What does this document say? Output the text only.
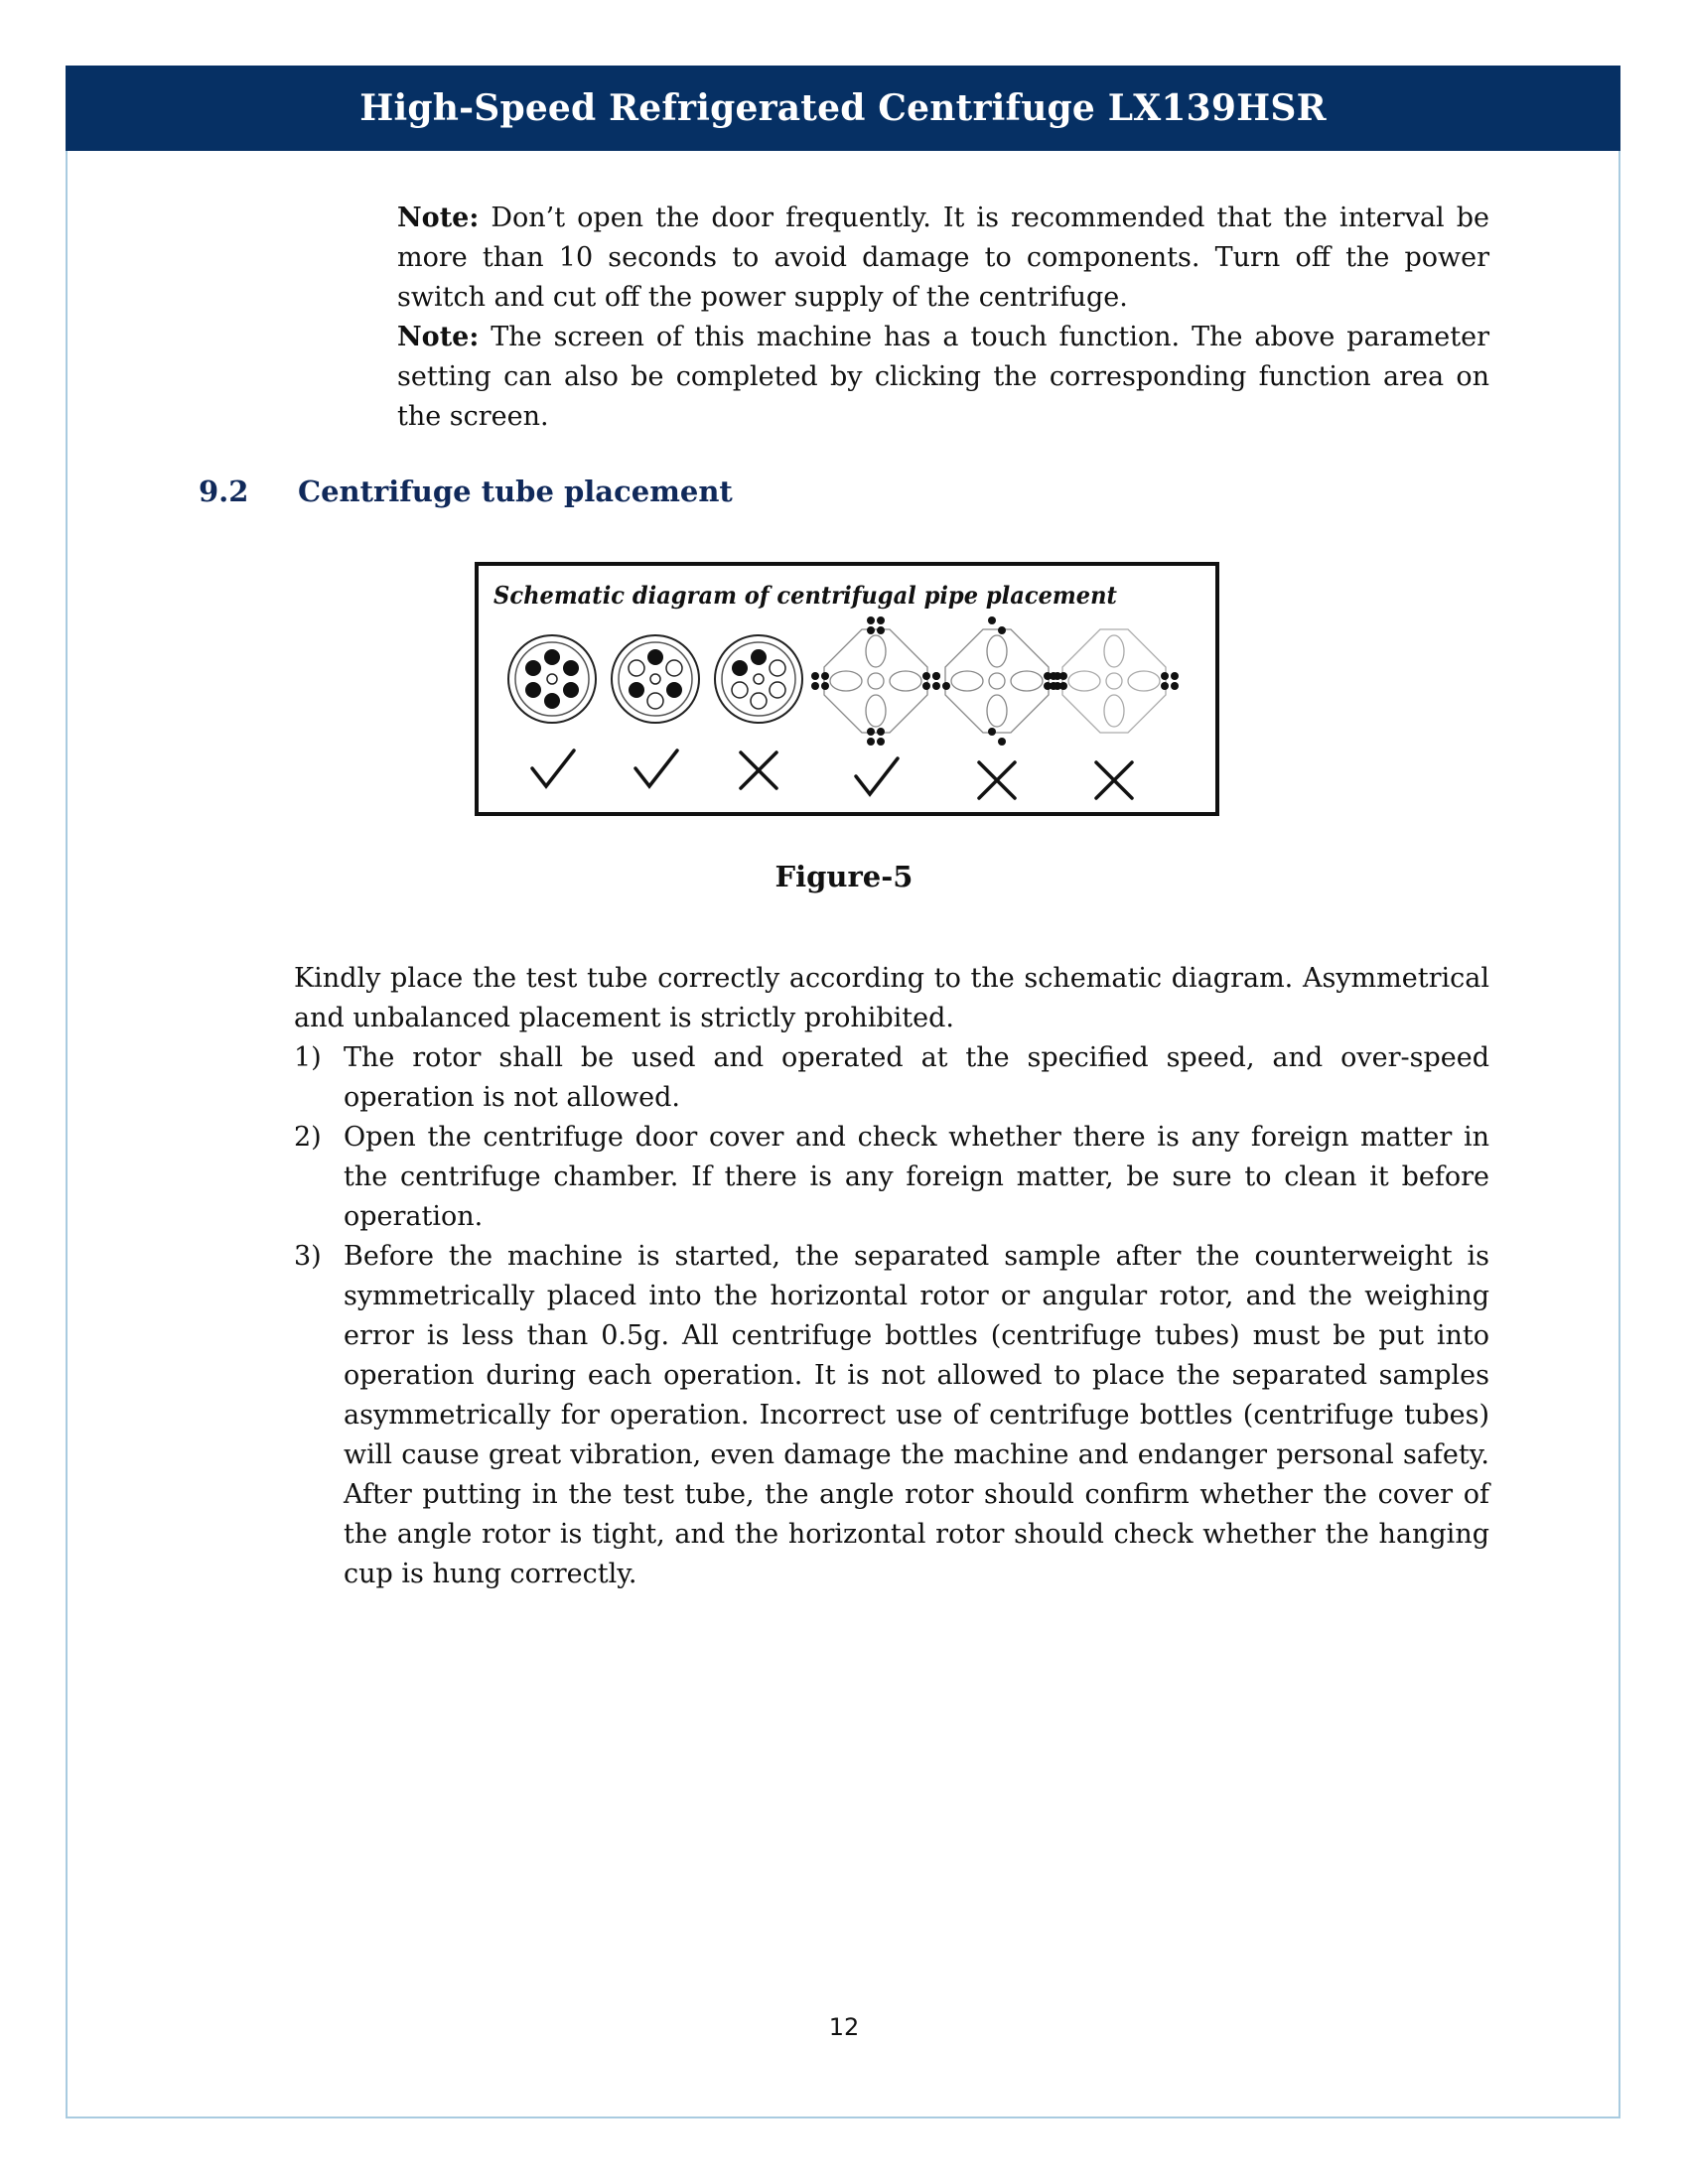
High-Speed Refrigerated Centrifuge LX139HSR

Note: Don’t open the door frequently. It is recommended that the interval be more than 10 seconds to avoid damage to components. Turn off the power switch and cut off the power supply of the centrifuge.

Note: The screen of this machine has a touch function. The above parameter setting can also be completed by clicking the corresponding function area on the screen.

9.2	Centrifuge tube placement
Schematic diagram of centrifugal pipe placement
Figure-5

Kindly place the test tube correctly according to the schematic diagram. Asymmetrical and unbalanced placement is strictly prohibited.

1) The rotor shall be used and operated at the specified speed, and over-speed operation is not allowed.
2) Open the centrifuge door cover and check whether there is any foreign matter in the centrifuge chamber. If there is any foreign matter, be sure to clean it before operation.
3) Before the machine is started, the separated sample after the counterweight is symmetrically placed into the horizontal rotor or angular rotor, and the weighing error is less than 0.5g. All centrifuge bottles (centrifuge tubes) must be put into operation during each operation. It is not allowed to place the separated samples asymmetrically for operation. Incorrect use of centrifuge bottles (centrifuge tubes) will cause great vibration, even damage the machine and endanger personal safety. After putting in the test tube, the angle rotor should confirm whether the cover of the angle rotor is tight, and the horizontal rotor should check whether the hanging cup is hung correctly.
12
